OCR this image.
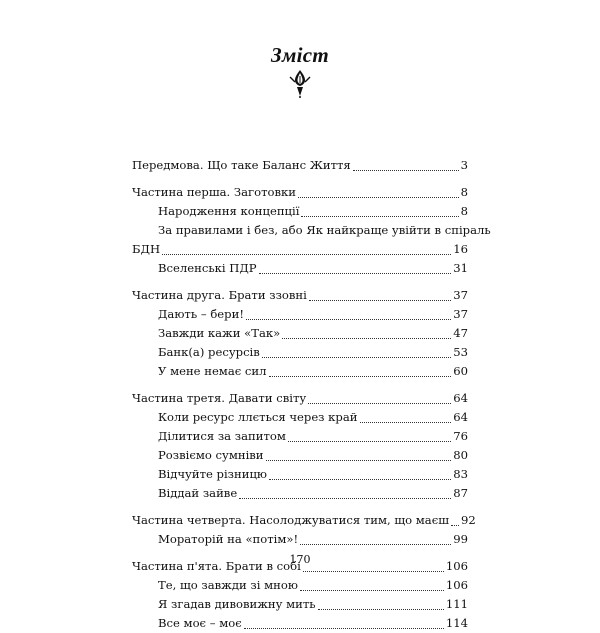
Зміст
Передмова. Що таке Баланс Життя	3
Частина перша. Заготовки	8
Народження концепції	8
За правилами і без, або Як найкраще увійти в спіраль
БДН	16
Вселенські ПДР	31
Частина друга. Брати ззовні	37
Дають – бери!	37
Завжди кажи «Так»	47
Банк(а) ресурсів	53
У мене немає сил	60
Частина третя. Давати світу	64
Коли ресурс ллється через край	64
Ділитися за запитом	76
Розвіємо сумніви	80
Відчуйте різницю	83
Віддай зайве	87
Частина четверта. Насолоджуватися тим, що маєш 92
Мораторій на «потім»!	99
Частина п'ята. Брати в собі	106
Те, що завжди зі мною	106
Я згадав дивовижну мить	111
Все моє – моє	114
170
